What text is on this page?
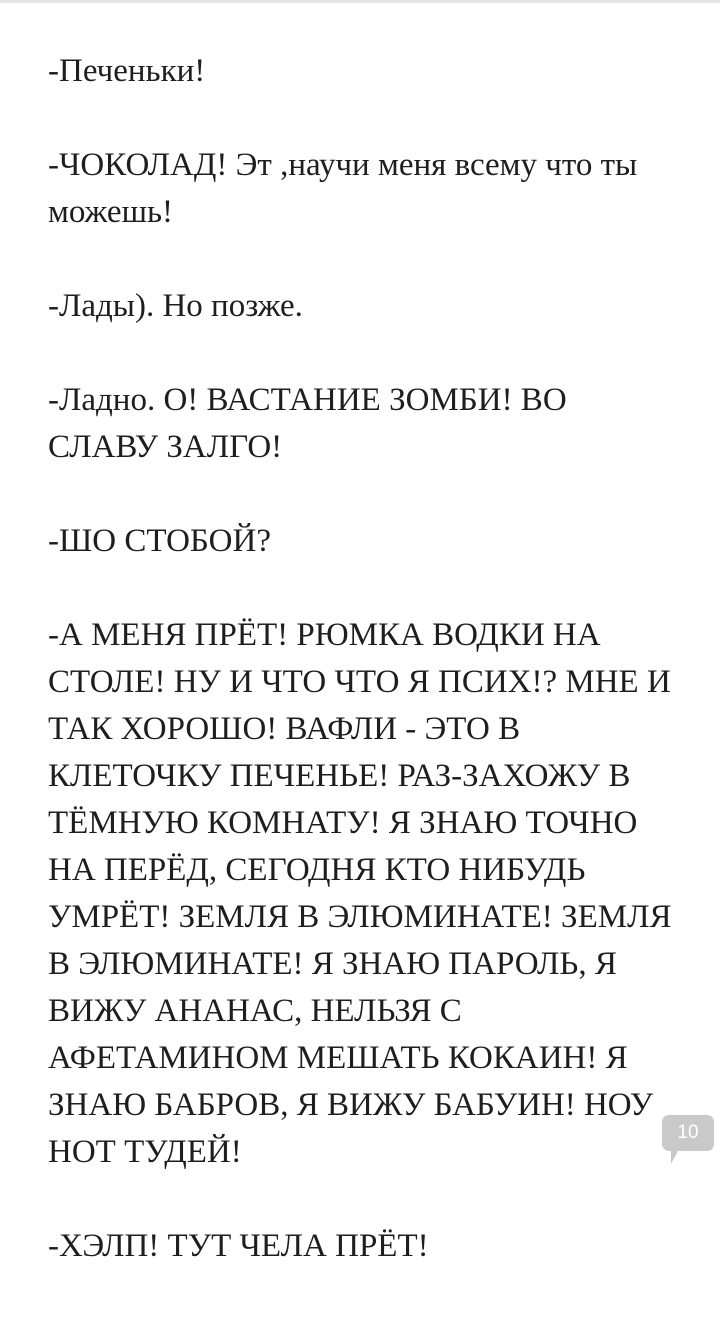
-Печеньки!

-ЧОКОЛАД! Эт ,научи меня всему что ты можешь!

-Лады). Но позже.

-Ладно. О! ВАСТАНИЕ ЗОМБИ! ВО СЛАВУ ЗАЛГО!

-ШО СТОБОЙ?

-А МЕНЯ ПРЁТ! РЮМКА ВОДКИ НА СТОЛЕ! НУ И ЧТО ЧТО Я ПСИХ!? МНЕ И ТАК ХОРОШО! ВАФЛИ - ЭТО В КЛЕТОЧКУ ПЕЧЕНЬЕ! РАЗ-ЗАХОЖУ В ТЁМНУЮ КОМНАТУ! Я ЗНАЮ ТОЧНО НА ПЕРЁД, СЕГОДНЯ КТО НИБУДЬ УМРЁТ! ЗЕМЛЯ В ЭЛЮМИНАТЕ! ЗЕМЛЯ В ЭЛЮМИНАТЕ! Я ЗНАЮ ПАРОЛЬ, Я ВИЖУ АНАНАС, НЕЛЬЗЯ С АФЕТАМИНОМ МЕШАТЬ КОКАИН! Я ЗНАЮ БАБРОВ, Я ВИЖУ БАБУИН! НОУ НОТ ТУДЕЙ!

-ХЭЛП! ТУТ ЧЕЛА ПРЁТ!

10
